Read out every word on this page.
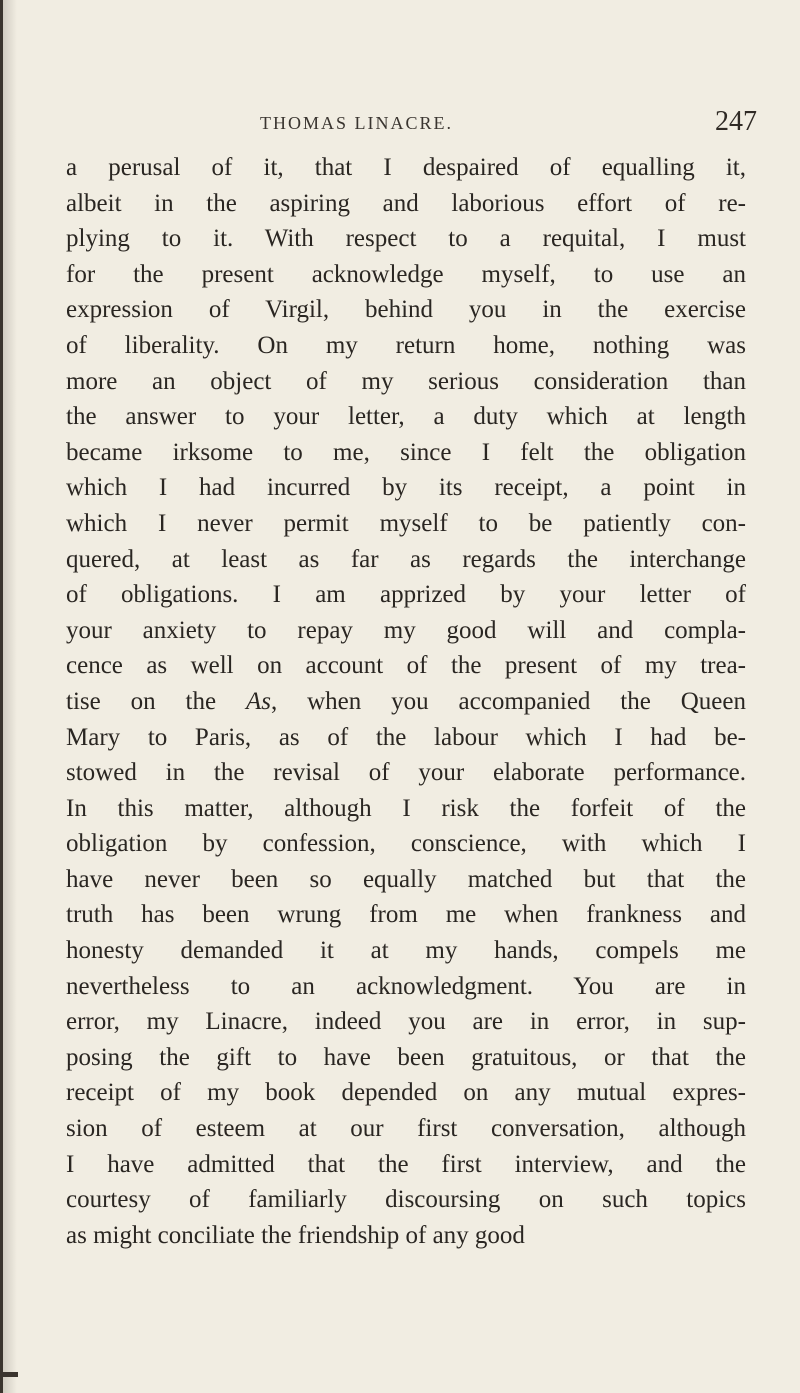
THOMAS LINACRE.	247
a perusal of it, that I despaired of equalling it,
albeit in the aspiring and laborious effort of re-
plying to it. With respect to a requital, I must
for the present acknowledge myself, to use an
expression of Virgil, behind you in the exercise
of liberality. On my return home, nothing was
more an object of my serious consideration than
the answer to your letter, a duty which at length
became irksome to me, since I felt the obligation
which I had incurred by its receipt, a point in
which I never permit myself to be patiently con-
quered, at least as far as regards the interchange
of obligations. I am apprized by your letter of
your anxiety to repay my good will and compla-
cence as well on account of the present of my trea-
tise on the As, when you accompanied the Queen
Mary to Paris, as of the labour which I had be-
stowed in the revisal of your elaborate performance.
In this matter, although I risk the forfeit of the
obligation by confession, conscience, with which I
have never been so equally matched but that the
truth has been wrung from me when frankness and
honesty demanded it at my hands, compels me
nevertheless to an acknowledgment. You are in
error, my Linacre, indeed you are in error, in sup-
posing the gift to have been gratuitous, or that the
receipt of my book depended on any mutual expres-
sion of esteem at our first conversation, although
I have admitted that the first interview, and the
courtesy of familiarly discoursing on such topics
as might conciliate the friendship of any good
